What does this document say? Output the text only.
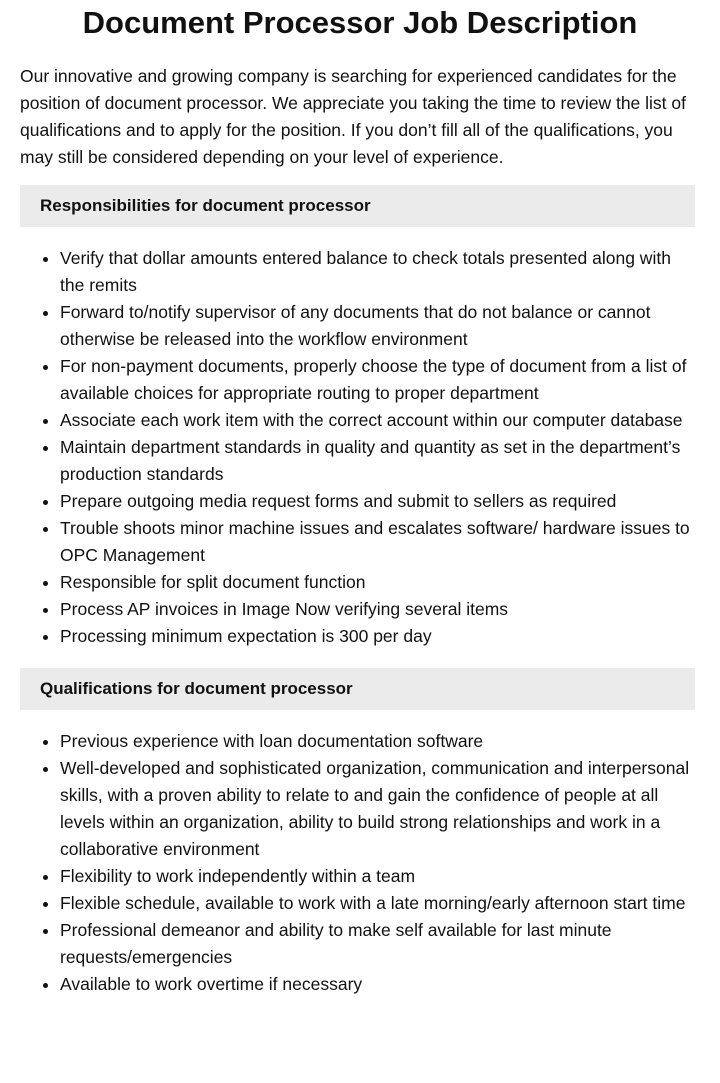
Document Processor Job Description

Our innovative and growing company is searching for experienced candidates for the position of document processor. We appreciate you taking the time to review the list of qualifications and to apply for the position. If you don’t fill all of the qualifications, you may still be considered depending on your level of experience.

Responsibilities for document processor
• Verify that dollar amounts entered balance to check totals presented along with the remits
• Forward to/notify supervisor of any documents that do not balance or cannot otherwise be released into the workflow environment
• For non-payment documents, properly choose the type of document from a list of available choices for appropriate routing to proper department
• Associate each work item with the correct account within our computer database
• Maintain department standards in quality and quantity as set in the department’s production standards
• Prepare outgoing media request forms and submit to sellers as required
• Trouble shoots minor machine issues and escalates software/ hardware issues to OPC Management
• Responsible for split document function
• Process AP invoices in Image Now verifying several items
• Processing minimum expectation is 300 per day
Qualifications for document processor
• Previous experience with loan documentation software
• Well-developed and sophisticated organization, communication and interpersonal skills, with a proven ability to relate to and gain the confidence of people at all levels within an organization, ability to build strong relationships and work in a collaborative environment
• Flexibility to work independently within a team
• Flexible schedule, available to work with a late morning/early afternoon start time
• Professional demeanor and ability to make self available for last minute requests/emergencies
• Available to work overtime if necessary
